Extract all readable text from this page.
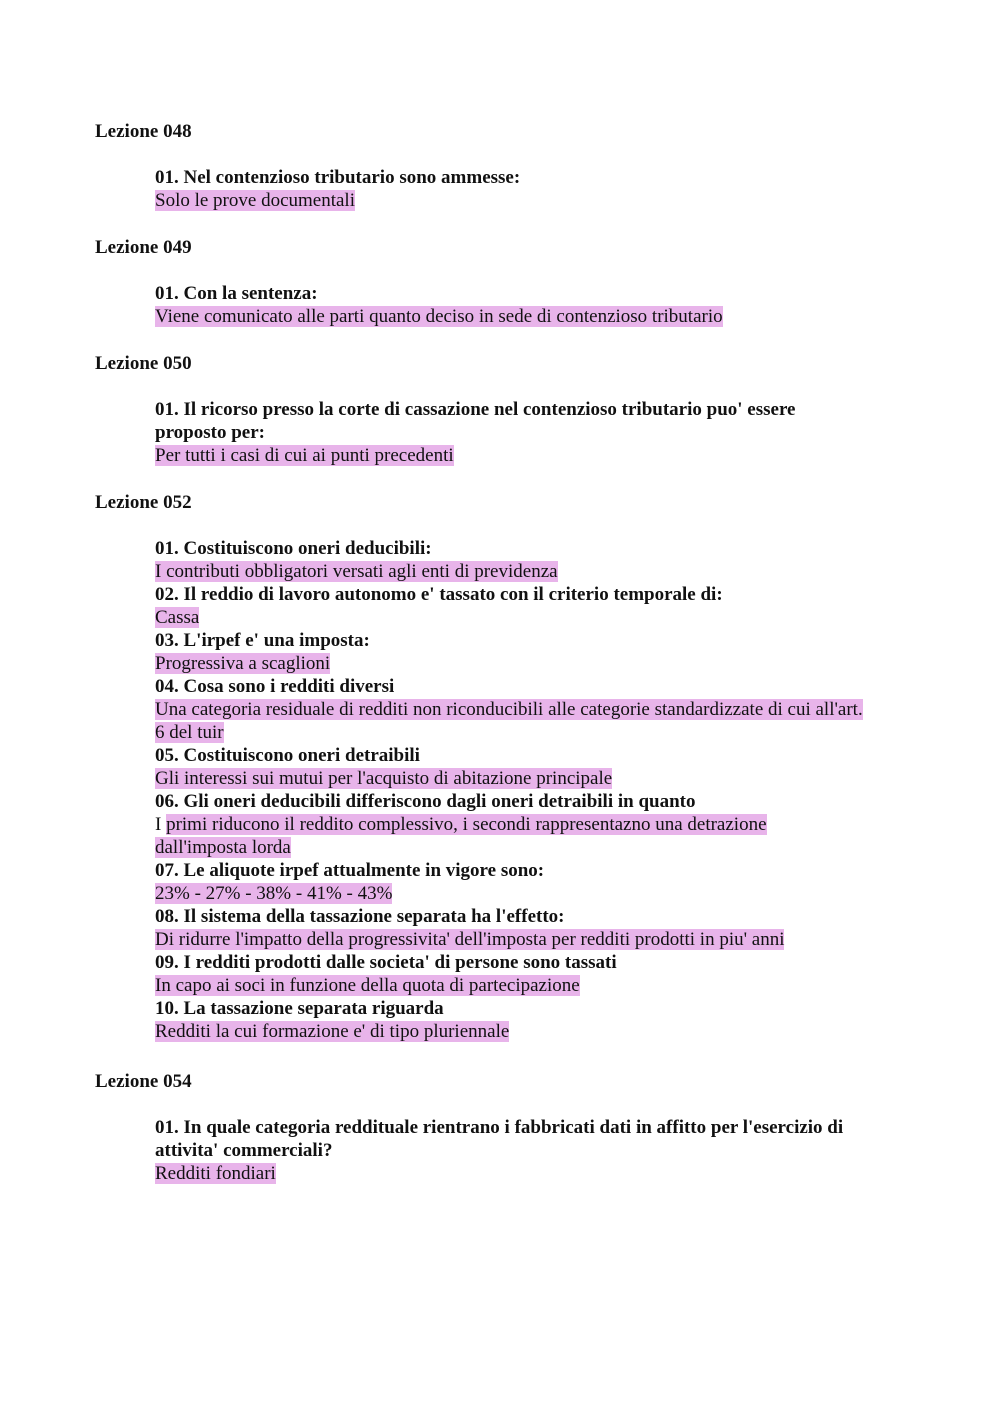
Lezione 048
01. Nel contenzioso tributario sono ammesse:
Solo le prove documentali
Lezione 049
01. Con la sentenza:
Viene comunicato alle parti quanto deciso in sede di contenzioso tributario
Lezione 050
01. Il ricorso presso la corte di cassazione nel contenzioso tributario puo' essere proposto per:
Per tutti i casi di cui ai punti precedenti
Lezione 052
01. Costituiscono oneri deducibili:
I contributi obbligatori versati agli enti di previdenza
02. Il reddio di lavoro autonomo e' tassato con il criterio temporale di:
Cassa
03. L'irpef e' una imposta:
Progressiva a scaglioni
04. Cosa sono i redditi diversi
Una categoria residuale di redditi non riconducibili alle categorie standardizzate di cui all'art. 6 del tuir
05. Costituiscono oneri detraibili
Gli interessi sui mutui per l'acquisto di abitazione principale
06. Gli oneri deducibili differiscono dagli oneri detraibili in quanto
I primi riducono il reddito complessivo, i secondi rappresentazno una detrazione dall'imposta lorda
07. Le aliquote irpef attualmente in vigore sono:
23% - 27% - 38% - 41% - 43%
08. Il sistema della tassazione separata ha l'effetto:
Di ridurre l'impatto della progressivita' dell'imposta per redditi prodotti in piu' anni
09. I redditi prodotti dalle societa' di persone sono tassati
In capo ai soci in funzione della quota di partecipazione
10. La tassazione separata riguarda
Redditi la cui formazione e' di tipo pluriennale
Lezione 054
01. In quale categoria reddituale rientrano i fabbricati dati in affitto per l'esercizio di attivita' commerciali?
Redditi fondiari
